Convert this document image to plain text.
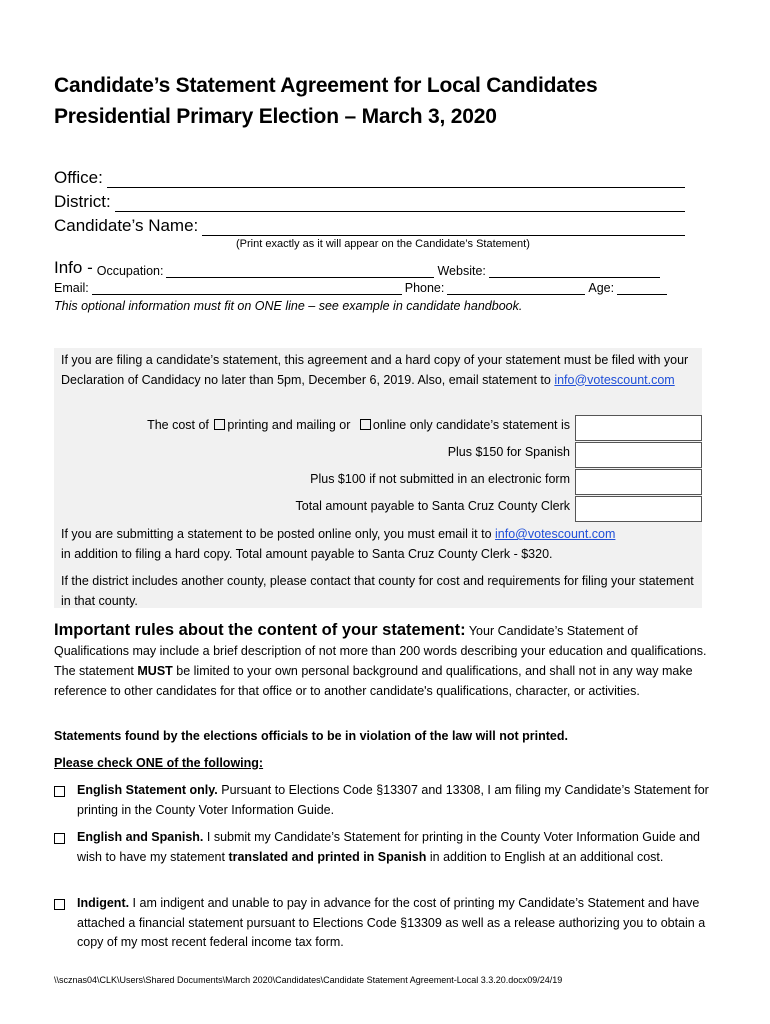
Candidate’s Statement Agreement for Local Candidates
Presidential Primary Election – March 3, 2020
Office:
District:
Candidate’s Name:
(Print exactly as it will appear on the Candidate’s Statement)
Info - Occupation:	Website:
Email:	Phone:	Age:
This optional information must fit on ONE line – see example in candidate handbook.
If you are filing a candidate’s statement, this agreement and a hard copy of your statement must be filed with your Declaration of Candidacy no later than 5pm, December 6, 2019. Also, email statement to info@votescount.com
The cost of printing and mailing or online only candidate’s statement is
Plus $150 for Spanish
Plus $100 if not submitted in an electronic form
Total amount payable to Santa Cruz County Clerk
If you are submitting a statement to be posted online only, you must email it to info@votescount.com
in addition to filing a hard copy. Total amount payable to Santa Cruz County Clerk - $320.
If the district includes another county, please contact that county for cost and requirements for filing your statement in that county.
Important rules about the content of your statement: Your Candidate’s Statement of Qualifications may include a brief description of not more than 200 words describing your education and qualifications. The statement MUST be limited to your own personal background and qualifications, and shall not in any way make reference to other candidates for that office or to another candidate's qualifications, character, or activities.
Statements found by the elections officials to be in violation of the law will not printed.
Please check ONE of the following:
English Statement only. Pursuant to Elections Code §13307 and 13308, I am filing my Candidate’s Statement for printing in the County Voter Information Guide.
English and Spanish. I submit my Candidate’s Statement for printing in the County Voter Information Guide and wish to have my statement translated and printed in Spanish in addition to English at an additional cost.
Indigent. I am indigent and unable to pay in advance for the cost of printing my Candidate’s Statement and have attached a financial statement pursuant to Elections Code §13309 as well as a release authorizing you to obtain a copy of my most recent federal income tax form.
\\scznas04\CLK\Users\Shared Documents\March 2020\Candidates\Candidate Statement Agreement-Local 3.3.20.docx09/24/19
